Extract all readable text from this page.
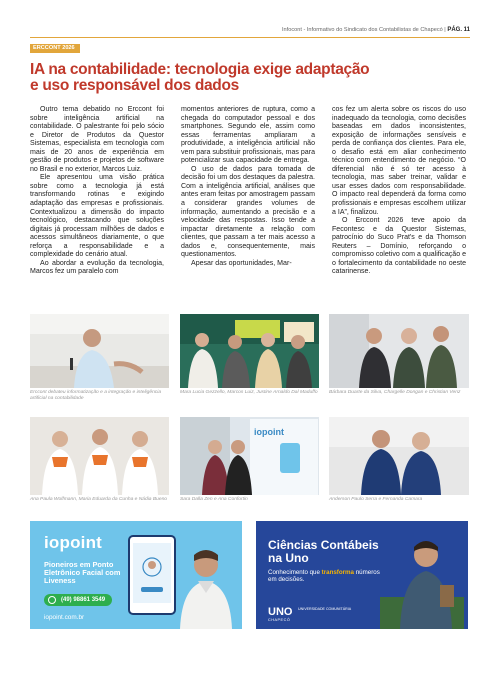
Infocont - Informativo do Sindicato dos Contabilistas de Chapecó | PÁG. 11
ERCCONT 2026
IA na contabilidade: tecnologia exige adaptação
e uso responsável dos dados

Outro tema debatido no Erccont foi sobre inteligência artificial na contabilidade. O palestrante foi pelo sócio e Diretor de Produtos da Questor Sistemas, especialista em tecnologia com mais de 20 anos de experiência em gestão de produtos e projetos de software no Brasil e no exterior, Marcos Luiz.

Ele apresentou uma visão prática sobre como a tecnologia já está transformando rotinas e exigindo adaptação das empresas e profissionais. Contextualizou a dimensão do impacto tecnológico, destacando que soluções digitais já processam milhões de dados e acessos simultâneos diariamente, o que reforça a responsabilidade e a complexidade do cenário atual.

Ao abordar a evolução da tecnologia, Marcos fez um paralelo com

momentos anteriores de ruptura, como a chegada do computador pessoal e dos smartphones. Segundo ele, assim como essas ferramentas ampliaram a produtividade, a inteligência artificial não vem para substituir profissionais, mas para potencializar sua capacidade de entrega.

O uso de dados para tomada de decisão foi um dos destaques da palestra. Com a inteligência artificial, análises que antes eram feitas por amostragem passam a considerar grandes volumes de informação, aumentando a precisão e a velocidade das respostas. Isso tende a impactar diretamente a relação com clientes, que passam a ter mais acesso a dados e, consequentemente, mais questionamentos.

Apesar das oportunidades, Mar-

cos fez um alerta sobre os riscos do uso inadequado da tecnologia, como decisões baseadas em dados inconsistentes, exposição de informações sensíveis e perda de confiança dos clientes. Para ele, o desafio está em aliar conhecimento técnico com entendimento de negócio. “O diferencial não é só ter acesso à tecnologia, mas saber treinar, validar e usar esses dados com responsabilidade. O impacto real dependerá da forma como profissionais e empresas escolhem utilizar a IA”, finalizou.

O Erccont 2026 teve apoio da Fecontesc e da Questor Sistemas, patrocínio do Suco Prat's e da Thomson Reuters – Domínio, reforçando o compromisso coletivo com a qualificação e o fortalecimento da contabilidade no oeste catarinense.

Erccont debateu informatização e a integração e inteligência artificial na contabilidade
Mara Lucia Gezzello, Marcos Luiz, Justine Arnaldo Dal Maduffo Bárbara Duarte da Silva, Chargelle Dongan e Christian Venz
Ana Paula Wolfmann, Maria Eduarda da Cunha e Nádia Bueno
iopoint
Sara Dalla Zen e Ana Confortin	Anderson Paulo Serra e Fernanda Camara
iopoint
Pioneiros em Ponto Eletrônico Facial com Liveness
(49) 98861 3549
iopoint.com.br
Ciências Contábeis
na Uno
Conhecimento que transforma números em decisões.
UNO
CHAPECÓ
UNIVERSIDADE COMUNITÁRIA
